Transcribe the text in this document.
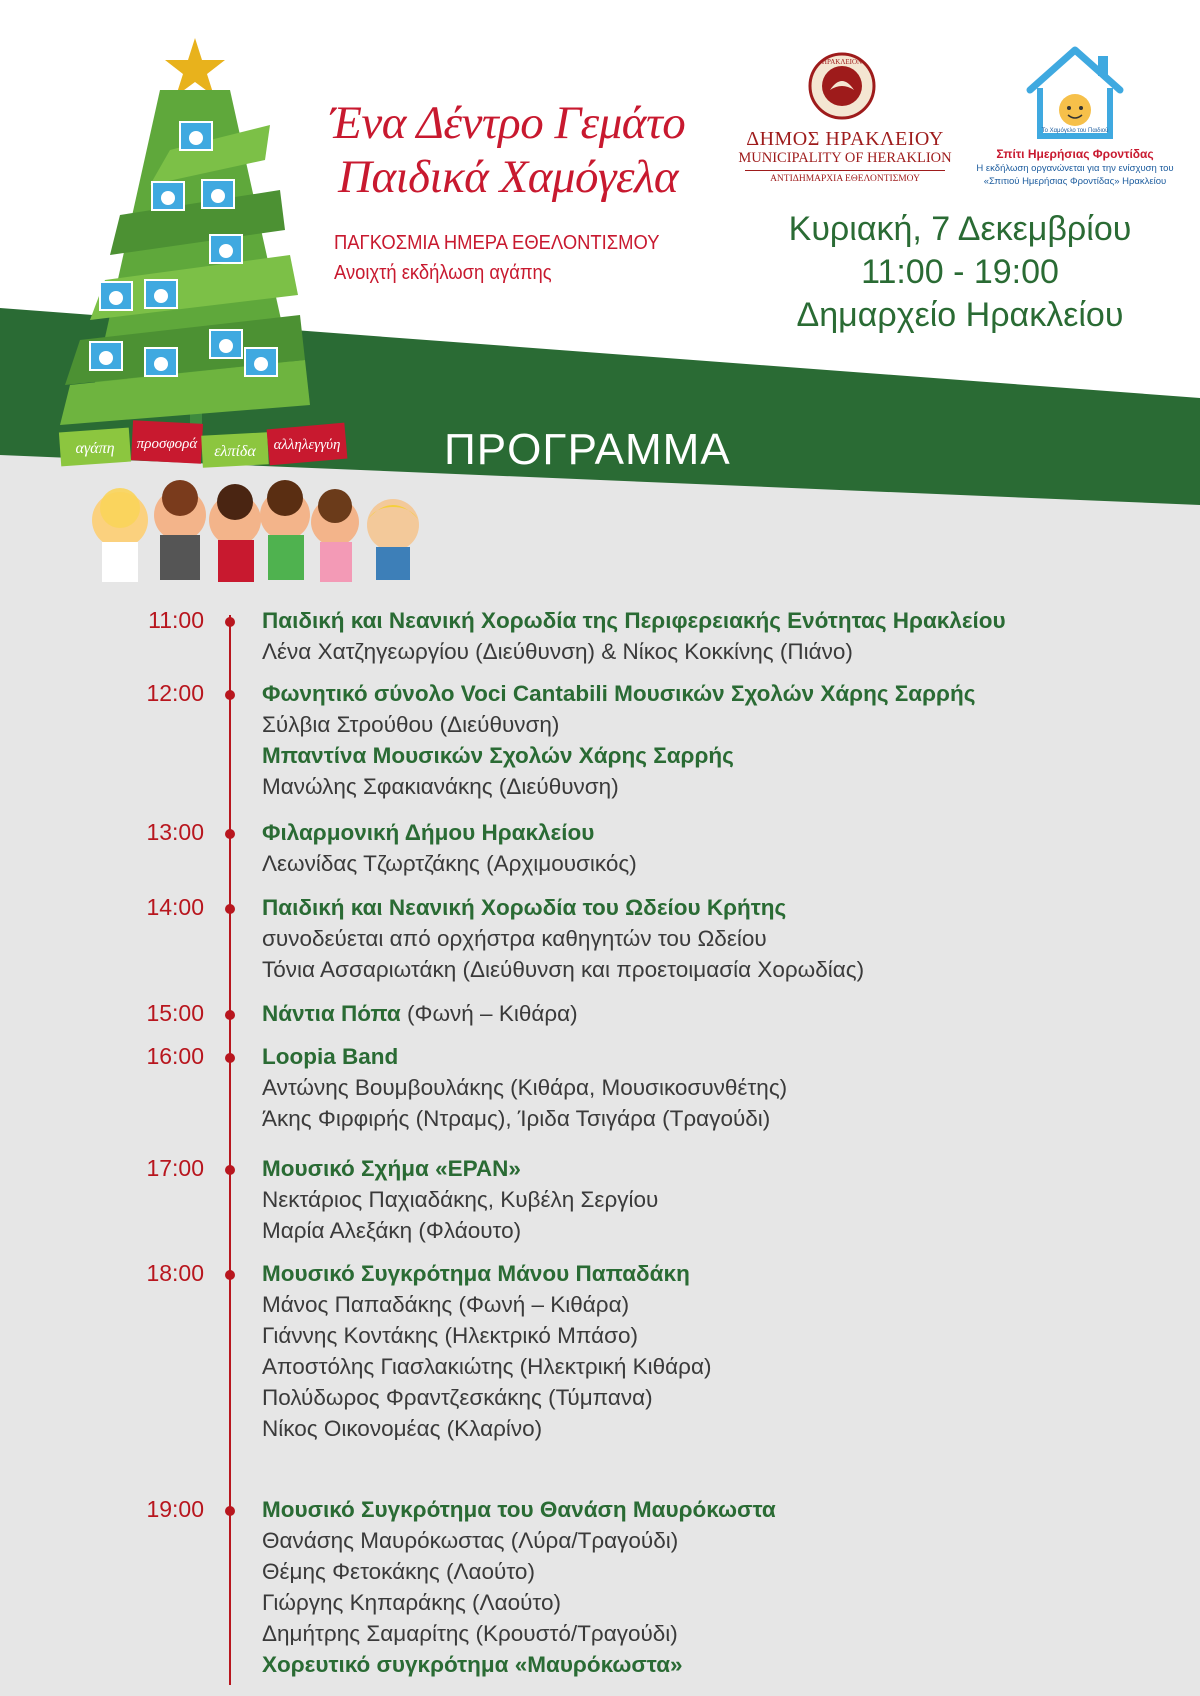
αγάπη προσφορά ελπίδα αλληλεγγύη
Ένα Δέντρο Γεμάτο
Παιδικά Χαμόγελα
ΠΑΓΚΟΣΜΙΑ ΗΜΕΡΑ ΕΘΕΛΟΝΤΙΣΜΟΥ
Ανοιχτή εκδήλωση αγάπης
ΗΡΑΚΛΕΙΟΝ
ΔΗΜΟΣ ΗΡΑΚΛΕΙΟΥ
MUNICIPALITY OF HERAKLION
ΑΝΤΙΔΗΜΑΡΧΙΑ ΕΘΕΛΟΝΤΙΣΜΟΥ
Το Χαμόγελο του Παιδιού
Σπίτι Ημερήσιας Φροντίδας
Η εκδήλωση οργανώνεται για την ενίσχυση του
«Σπιτιού Ημερήσιας Φροντίδας» Ηρακλείου
Κυριακή, 7 Δεκεμβρίου
11:00 - 19:00
Δημαρχείο Ηρακλείου
ΠΡΟΓΡΑΜΜΑ
11:00	Παιδική και Νεανική Χορωδία της Περιφερειακής Ενότητας Ηρακλείου
Λένα Χατζηγεωργίου (Διεύθυνση) & Νίκος Κοκκίνης (Πιάνο)
12:00	Φωνητικό σύνολο Voci Cantabili Μουσικών Σχολών Χάρης Σαρρής
Σύλβια Στρούθου (Διεύθυνση)
Μπαντίνα Μουσικών Σχολών Χάρης Σαρρής
Μανώλης Σφακιανάκης (Διεύθυνση)
13:00	Φιλαρμονική Δήμου Ηρακλείου
Λεωνίδας Τζωρτζάκης (Αρχιμουσικός)
14:00	Παιδική και Νεανική Χορωδία του Ωδείου Κρήτης
συνοδεύεται από ορχήστρα καθηγητών του Ωδείου
Τόνια Ασσαριωτάκη (Διεύθυνση και προετοιμασία Χορωδίας)
15:00	Νάντια Πόπα (Φωνή – Κιθάρα)
16:00	Loopia Band
Αντώνης Βουμβουλάκης (Κιθάρα, Μουσικοσυνθέτης)
Άκης Φιρφιρής (Ντραμς), Ίριδα Τσιγάρα (Τραγούδι)
17:00	Μουσικό Σχήμα «ΕΡΑΝ»
Νεκτάριος Παχιαδάκης, Κυβέλη Σεργίου
Μαρία Αλεξάκη (Φλάουτο)
18:00	Μουσικό Συγκρότημα Μάνου Παπαδάκη
Μάνος Παπαδάκης (Φωνή – Κιθάρα)
Γιάννης Κοντάκης (Ηλεκτρικό Μπάσο)
Αποστόλης Γιασλακιώτης (Ηλεκτρική Κιθάρα)
Πολύδωρος Φραντζεσκάκης (Τύμπανα)
Νίκος Οικονομέας (Κλαρίνο)
19:00	Μουσικό Συγκρότημα του Θανάση Μαυρόκωστα
Θανάσης Μαυρόκωστας (Λύρα/Τραγούδι)
Θέμης Φετοκάκης (Λαούτο)
Γιώργης Κηπαράκης (Λαούτο)
Δημήτρης Σαμαρίτης (Κρουστό/Τραγούδι)
Χορευτικό συγκρότημα «Μαυρόκωστα»
